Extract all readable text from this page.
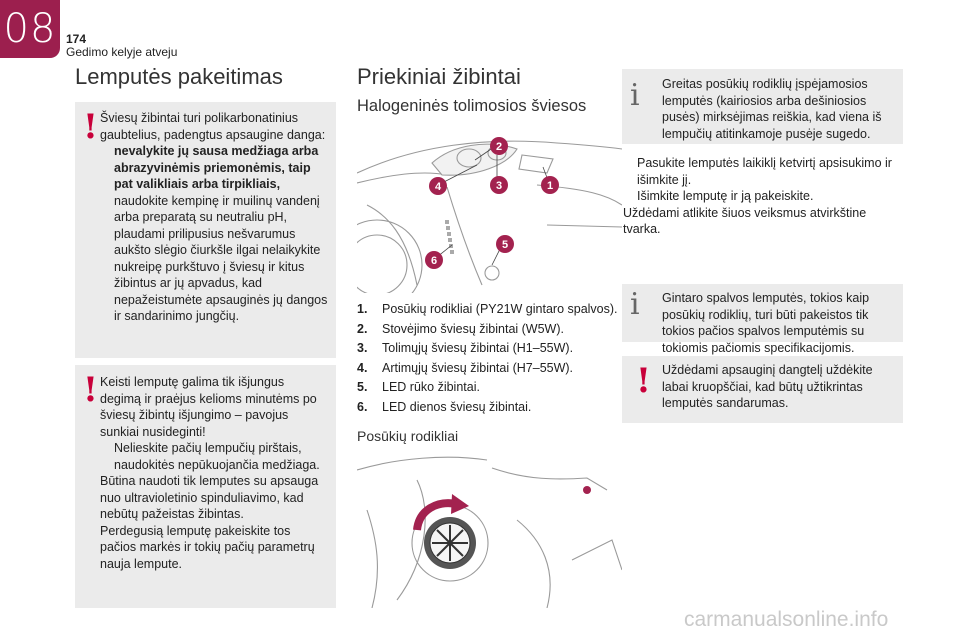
08 174
Gedimo kelyje atveju
Lemputės pakeitimas
! Šviesų žibintai turi polikarbonatinius gaubtelius, padengtus apsaugine danga:

nevalykite jų sausa medžiaga arba abrazyvinėmis priemonėmis, taip pat valikliais arba tirpikliais,
naudokite kempinę ir muilinų vandenį arba preparatą su neutraliu pH,
plaudami prilipusius nešvarumus aukšto slėgio čiurkšle ilgai nelaikykite nukreipę purkštuvo į šviesų ir kitus žibintus ar jų apvadus, kad nepažeistumėte apsauginės jų dangos ir sandarinimo jungčių.
! Keisti lemputę galima tik išjungus degimą ir praėjus kelioms minutėms po šviesų žibintų išjungimo – pavojus sunkiai nusideginti!

Nelieskite pačių lempučių pirštais, naudokitės nepūkuojančia medžiaga.

Būtina naudoti tik lemputes su apsauga nuo ultravioletinio spinduliavimo, kad nebūtų pažeistas žibintas.

Perdegusią lemputę pakeiskite tos pačios markės ir tokių pačių parametrų nauja lempute.

Priekiniai žibintai
Halogeninės tolimosios šviesos
2
4	3	1
5
6
1.	Posūkių rodikliai (PY21W gintaro spalvos).
2.	Stovėjimo šviesų žibintai (W5W).
3.	Tolimųjų šviesų žibintai (H1–55W).
4.	Artimųjų šviesų žibintai (H7–55W).
5.	LED rūko žibintai.
6.	LED dienos šviesų žibintai.
Posūkių rodikliai
i Greitas posūkių rodiklių įspėjamosios lemputės (kairiosios arba dešiniosios pusės) mirksėjimas reiškia, kad viena iš lempučių atitinkamoje pusėje sugedo.
Pasukite lemputės laikiklį ketvirtį apsisukimo ir išimkite jį.
Išimkite lemputę ir ją pakeiskite.

Uždėdami atlikite šiuos veiksmus atvirkštine tvarka.

i Gintaro spalvos lemputės, tokios kaip posūkių rodiklių, turi būti pakeistos tik tokios pačios spalvos lemputėmis su tokiomis pačiomis specifikacijomis.
! Uždėdami apsauginį dangtelį uždėkite labai kruopščiai, kad būtų užtikrintas lemputės sandarumas.
carmanualsonline.info
